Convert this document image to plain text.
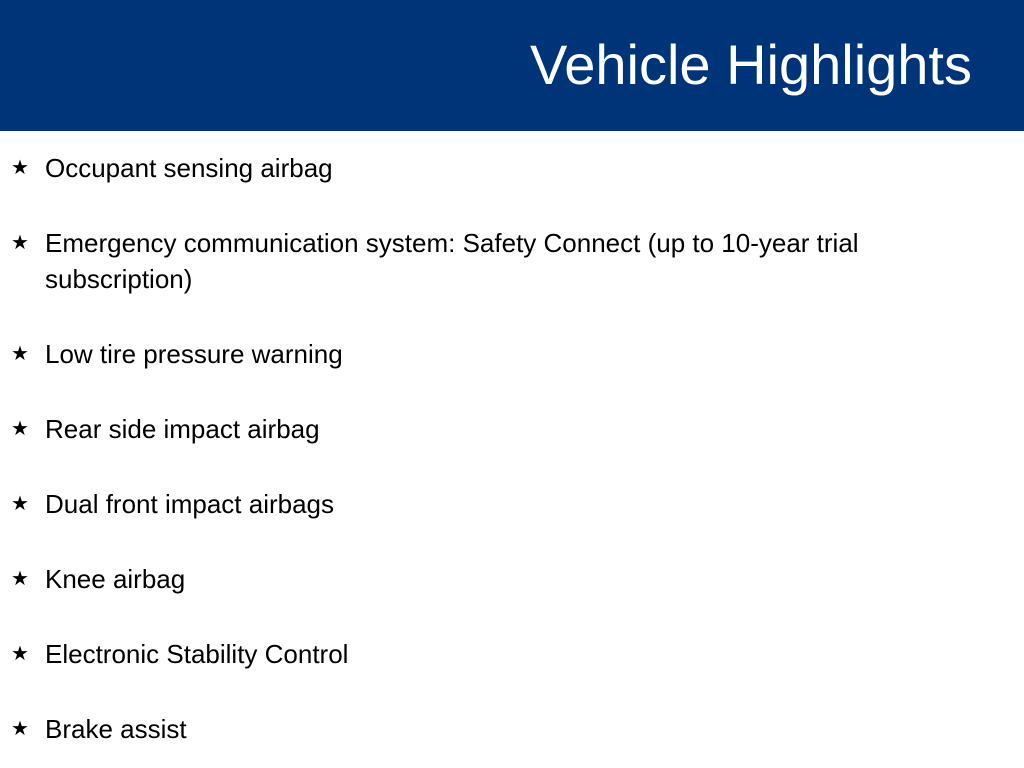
Vehicle Highlights
★ Occupant sensing airbag
★ Emergency communication system: Safety Connect (up to 10-year trial subscription)
★ Low tire pressure warning
★ Rear side impact airbag
★ Dual front impact airbags
★ Knee airbag
★ Electronic Stability Control
★ Brake assist
